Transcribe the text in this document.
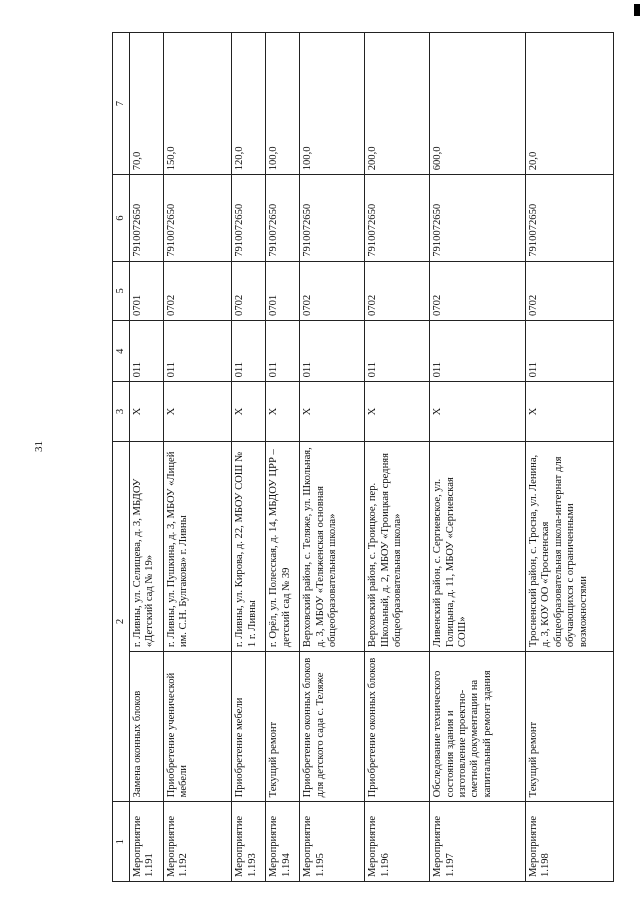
31
1	2		3	4	5	6	7
Мероприятие 1.191	Замена оконных блоков	г. Ливны, ул. Селищева, д. 3, МБДОУ «Детский сад № 19»	X	011	0701	7910072650	70,0
Мероприятие 1.192	Приобретение ученической мебели	г. Ливны, ул. Пушкина, д. 3, МБОУ «Лицей им. С.Н. Булгакова» г. Ливны	X	011	0702	7910072650	150,0
Мероприятие 1.193	Приобретение мебели	г. Ливны, ул. Кирова, д. 22, МБОУ СОШ № 1 г. Ливны	X	011	0702	7910072650	120,0
Мероприятие 1.194	Текущий ремонт	г. Орёл, ул. Полесская, д. 14, МБДОУ ЦРР – детский сад № 39	X	011	0701	7910072650	100,0
Мероприятие 1.195	Приобретение оконных блоков для детского сада с. Теляже	Верховский район, с. Теляже, ул. Школьная, д. 3, МБОУ «Теляженская основная общеобразовательная школа»	X	011	0702	7910072650	100,0
Мероприятие 1.196	Приобретение оконных блоков	Верховский район, с. Троицкое, пер. Школьный, д. 2, МБОУ «Троицкая средняя общеобразовательная школа»	X	011	0702	7910072650	200,0
Мероприятие 1.197	Обследование технического состояния здания и изготовление проектно-сметной документации на капитальный ремонт здания	Ливенский район, с. Сергиевское, ул. Голицына, д. 11, МБОУ «Сергиевская СОШ»	X	011	0702	7910072650	600,0
Мероприятие 1.198	Текущий ремонт	Тросненский район, с. Тросна, ул. Ленина, д. 3, КОУ ОО «Тросненская общеобразовательная школа-интернат для обучающихся с ограниченными возможностями	X	011	0702	7910072650	20,0
